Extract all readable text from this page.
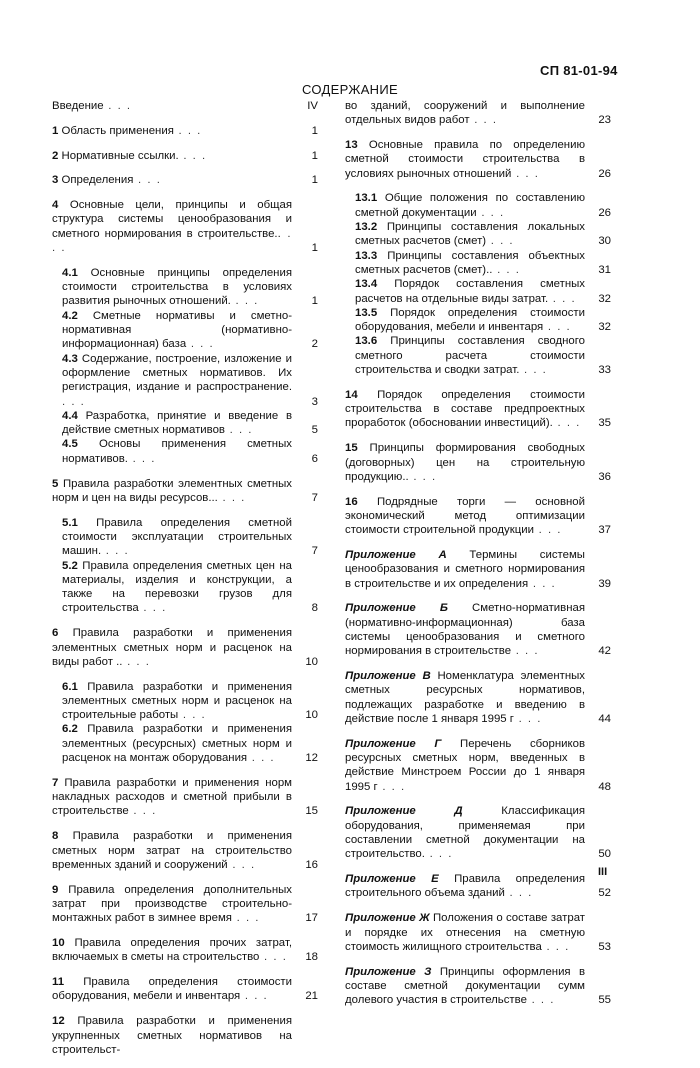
СП 81-01-94
СОДЕРЖАНИЕ
Введение . . .	IV
1 Область применения . . .	1
2 Нормативные ссылки. . . .	1
3 Определения . . .	1
4 Основные цели, принципы и общая структура системы ценообразования и сметного нормирования в строительстве.. . . .	1
4.1 Основные принципы определения стоимости строительства в условиях развития рыночных отношений. . . .	1
4.2 Сметные нормативы и сметно-нормативная (нормативно-информационная) база . . .	2
4.3 Содержание, построение, изложение и оформление сметных нормативов. Их регистрация, издание и распространение. . . .	3
4.4 Разработка, принятие и введение в действие сметных нормативов . . .	5
4.5 Основы применения сметных нормативов. . . .	6
5 Правила разработки элементных сметных норм и цен на виды ресурсов... . . .	7
5.1 Правила определения сметной стоимости эксплуатации строительных машин. . . .	7
5.2 Правила определения сметных цен на материалы, изделия и конструкции, а также на перевозки грузов для строительства . . .	8
6 Правила разработки и применения элементных сметных норм и расценок на виды работ .. . . .	10
6.1 Правила разработки и применения элементных сметных норм и расценок на строительные работы . . .	10
6.2 Правила разработки и применения элементных (ресурсных) сметных норм и расценок на монтаж оборудования . . .	12
7 Правила разработки и применения норм накладных расходов и сметной прибыли в строительстве . . .	15
8 Правила разработки и применения сметных норм затрат на строительство временных зданий и сооружений . . .	16
9 Правила определения дополнительных затрат при производстве строительно-монтажных работ в зимнее время . . .	17
10 Правила определения прочих затрат, включаемых в сметы на строительство . . . 18
11 Правила определения стоимости оборудования, мебели и инвентаря . . .	21
12 Правила разработки и применения укрупненных сметных нормативов на строительст-
во зданий, сооружений и выполнение отдельных видов работ . . .	23
13 Основные правила по определению сметной стоимости строительства в условиях рыночных отношений . . .	26
13.1 Общие положения по составлению сметной документации . . .	26
13.2 Принципы составления локальных сметных расчетов (смет) . . .	30
13.3 Принципы составления объектных сметных расчетов (смет).. . . .	31
13.4 Порядок составления сметных расчетов на отдельные виды затрат. . . . 32
13.5 Порядок определения стоимости оборудования, мебели и инвентаря . . . 32
13.6 Принципы составления сводного сметного расчета стоимости строительства и сводки затрат. . . .	33
14 Порядок определения стоимости строительства в составе предпроектных проработок (обосновании инвестиций). . . . 35
15 Принципы формирования свободных (договорных) цен на строительную продукцию.. . . .	36
16 Подрядные торги — основной экономический метод оптимизации стоимости строительной продукции . . .	37
Приложение А Термины системы ценообразования и сметного нормирования в строительстве и их определения . . .	39
Приложение Б Сметно-нормативная (нормативно-информационная) база системы ценообразования и сметного нормирования в строительстве . . .	42
Приложение В Номенклатура элементных сметных ресурсных нормативов, подлежащих разработке и введению в действие после 1 января 1995 г . . .	44
Приложение Г Перечень сборников ресурсных сметных норм, введенных в действие Минстроем России до 1 января 1995 г . . .	48
Приложение Д	Классификация оборудования, применяемая при составлении сметной документации на строительство. . . .	50
Приложение Е Правила определения строительного объема зданий . . .	52
Приложение Ж Положения о составе затрат и порядке их отнесения на сметную стоимость жилищного строительства . . .	53
Приложение З Принципы оформления в составе сметной документации сумм долевого участия в строительстве . . .	55
III
